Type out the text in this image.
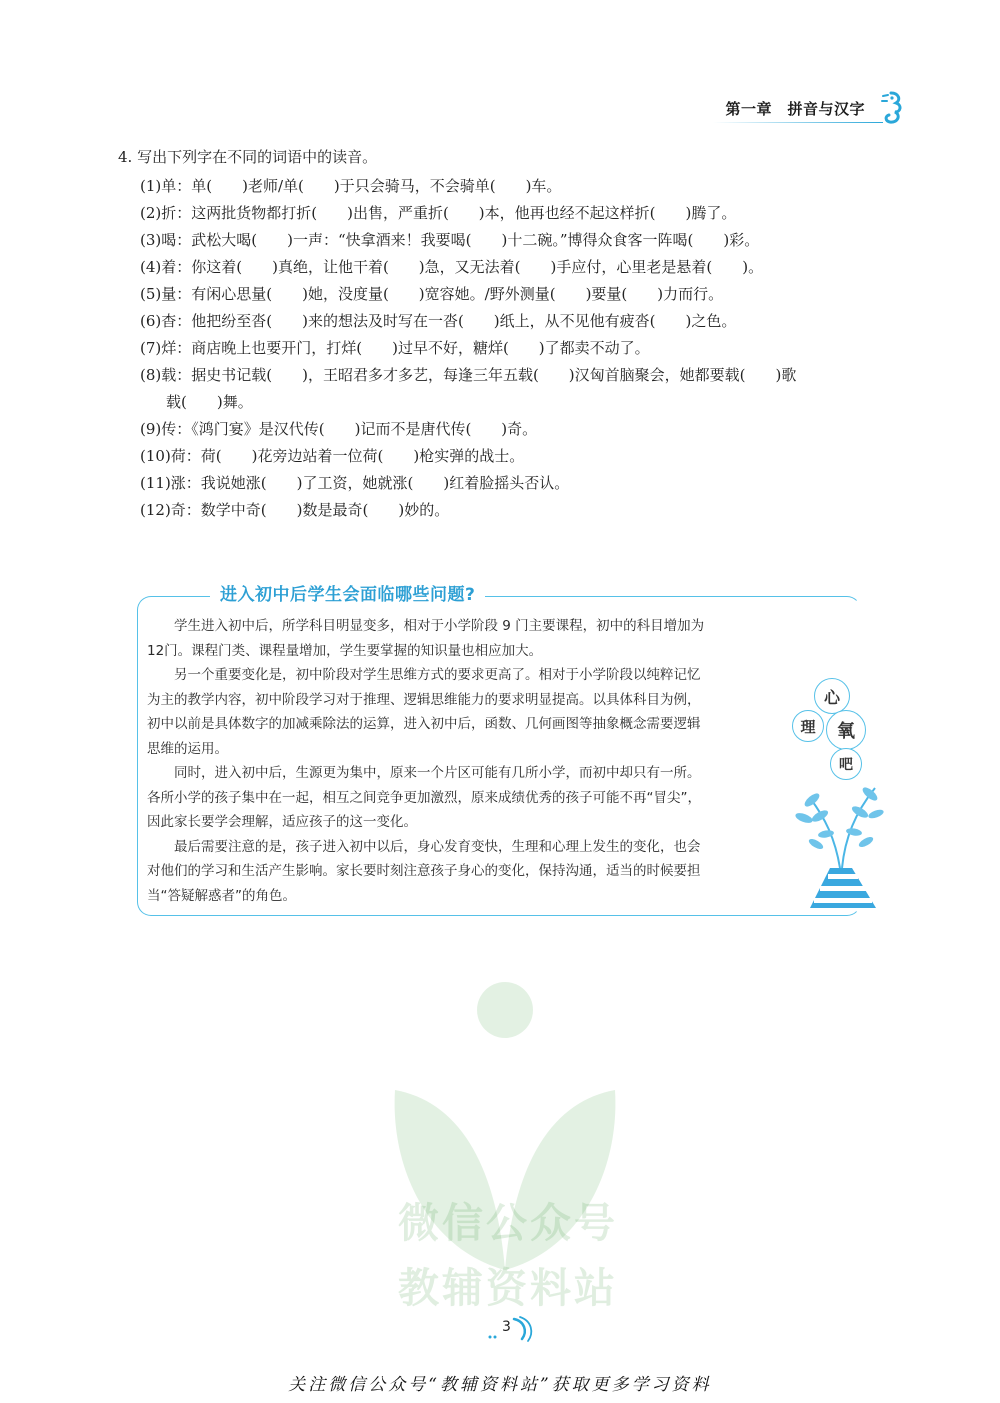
第一章　拼音与汉字
4. 写出下列字在不同的词语中的读音。
(1)单：单(　　)老师/单(　　)于只会骑马，不会骑单(　　)车。
(2)折：这两批货物都打折(　　)出售，严重折(　　)本，他再也经不起这样折(　　)腾了。
(3)喝：武松大喝(　　)一声：“快拿酒来！我要喝(　　)十二碗。”博得众食客一阵喝(　　)彩。
(4)着：你这着(　　)真绝，让他干着(　　)急，又无法着(　　)手应付，心里老是悬着(　　)。
(5)量：有闲心思量(　　)她，没度量(　　)宽容她。/野外测量(　　)要量(　　)力而行。
(6)杳：他把纷至沓(　　)来的想法及时写在一沓(　　)纸上，从不见他有疲沓(　　)之色。
(7)烊：商店晚上也要开门，打烊(　　)过早不好，糖烊(　　)了都卖不动了。
(8)载：据史书记载(　　)，王昭君多才多艺，每逢三年五载(　　)汉匈首脑聚会，她都要载(　　)歌
载(　　)舞。
(9)传：《鸿门宴》是汉代传(　　)记而不是唐代传(　　)奇。
(10)荷：荷(　　)花旁边站着一位荷(　　)枪实弹的战士。
(11)涨：我说她涨(　　)了工资，她就涨(　　)红着脸摇头否认。
(12)奇：数学中奇(　　)数是最奇(　　)妙的。
进入初中后学生会面临哪些问题?

学生进入初中后，所学科目明显变多，相对于小学阶段 9 门主要课程，初中的科目增加为

12门。课程门类、课程量增加，学生要掌握的知识量也相应加大。

另一个重要变化是，初中阶段对学生思维方式的要求更高了。相对于小学阶段以纯粹记忆

为主的教学内容，初中阶段学习对于推理、逻辑思维能力的要求明显提高。以具体科目为例，

初中以前是具体数字的加减乘除法的运算，进入初中后，函数、几何画图等抽象概念需要逻辑

思维的运用。

同时，进入初中后，生源更为集中，原来一个片区可能有几所小学，而初中却只有一所。

各所小学的孩子集中在一起，相互之间竞争更加激烈，原来成绩优秀的孩子可能不再“冒尖”，

因此家长要学会理解，适应孩子的这一变化。

最后需要注意的是，孩子进入初中以后，身心发育变快，生理和心理上发生的变化，也会

对他们的学习和生活产生影响。家长要时刻注意孩子身心的变化，保持沟通，适当的时候要担

当“答疑解惑者”的角色。

心
理	氧
吧
微信公众号
教辅资料站
3
关注微信公众号“教辅资料站”获取更多学习资料
